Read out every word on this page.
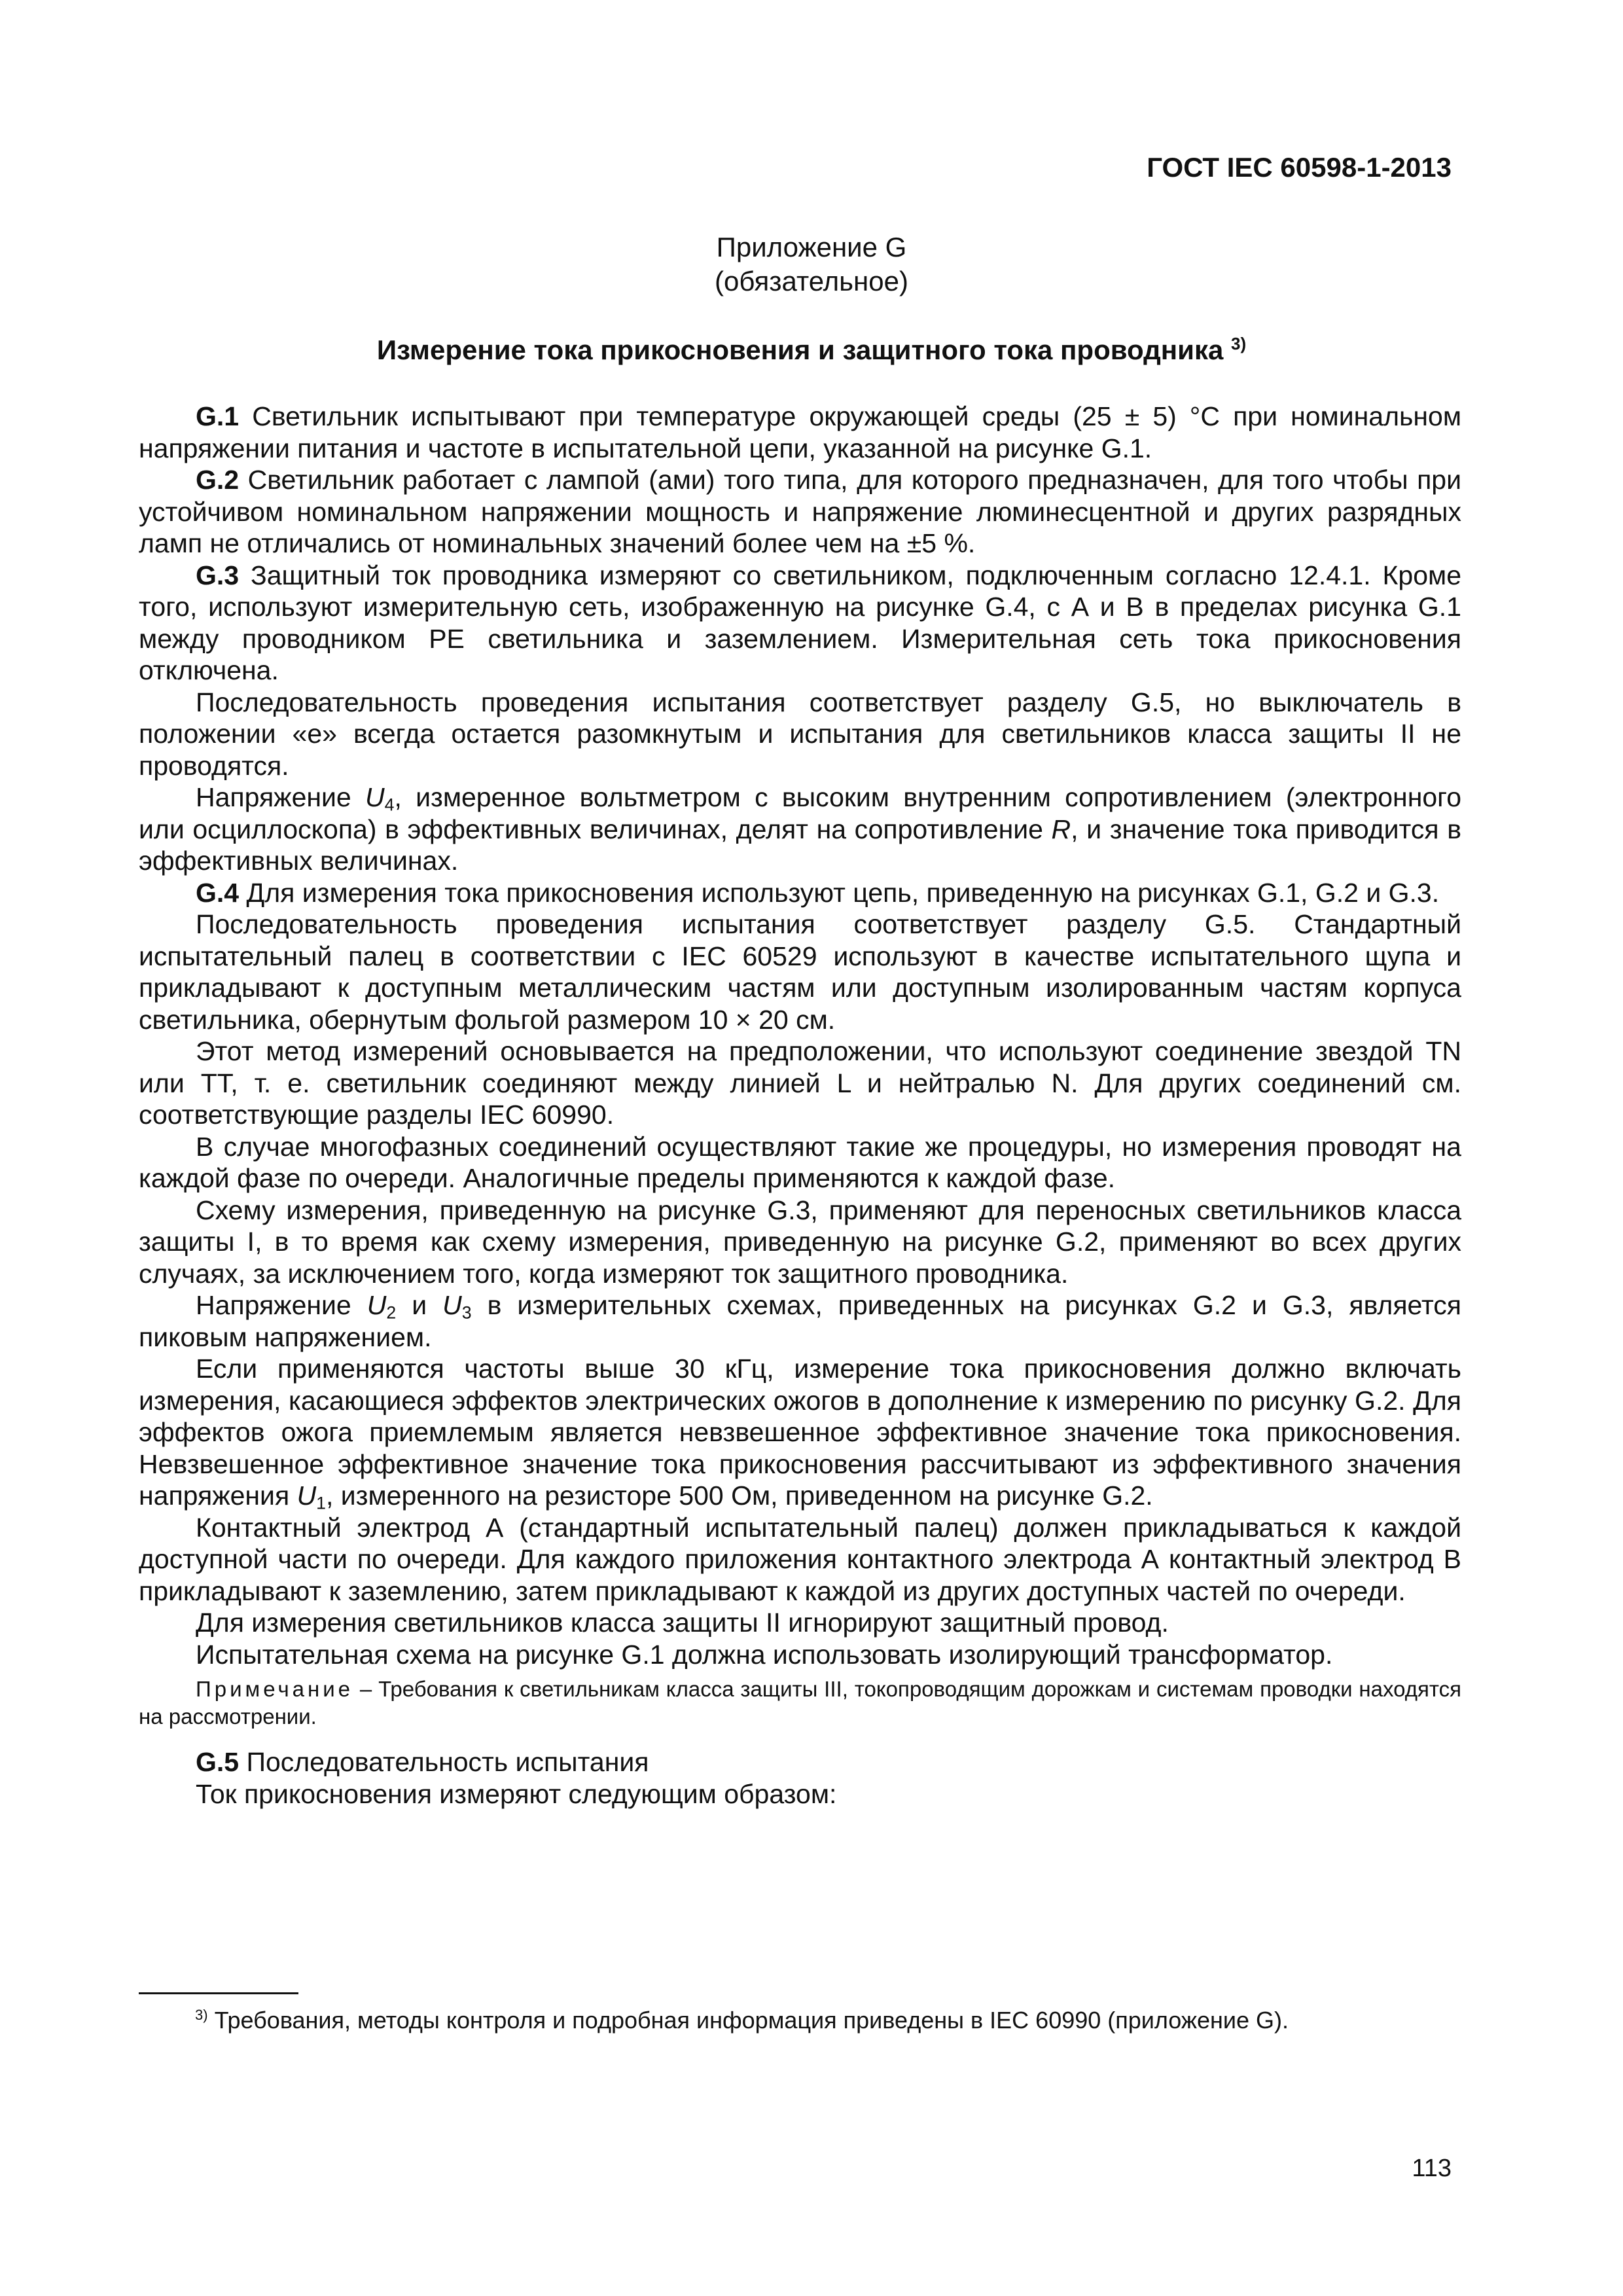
ГОСТ IEC 60598-1-2013
Приложение G
(обязательное)
Измерение тока прикосновения и защитного тока проводника $^{3)}$

G.1 Светильник испытывают при температуре окружающей среды (25 ± 5) °С при номинальном напряжении питания и частоте в испытательной цепи, указанной на рисунке G.1.

G.2 Светильник работает с лампой (ами) того типа, для которого предназначен, для того чтобы при устойчивом номинальном напряжении мощность и напряжение люминесцентной и других разрядных ламп не отличались от номинальных значений более чем на ±5 %.

G.3 Защитный ток проводника измеряют со светильником, подключенным согласно 12.4.1. Кроме того, используют измерительную сеть, изображенную на рисунке G.4, с А и В в пределах рисунка G.1 между проводником PE светильника и заземлением. Измерительная сеть тока прикосновения отключена.

Последовательность проведения испытания соответствует разделу G.5, но выключатель в положении «е» всегда остается разомкнутым и испытания для светильников класса защиты II не проводятся.

Напряжение $U_4$, измеренное вольтметром с высоким внутренним сопротивлением (электронного или осциллоскопа) в эффективных величинах, делят на сопротивление R, и значение тока приводится в эффективных величинах.

G.4 Для измерения тока прикосновения используют цепь, приведенную на рисунках G.1, G.2 и G.3.

Последовательность проведения испытания соответствует разделу G.5. Стандартный испытательный палец в соответствии с IEC 60529 используют в качестве испытательного щупа и прикладывают к доступным металлическим частям или доступным изолированным частям корпуса светильника, обернутым фольгой размером 10 × 20 см.

Этот метод измерений основывается на предположении, что используют соединение звездой TN или TT, т. е. светильник соединяют между линией L и нейтралью N. Для других соединений см. соответствующие разделы IEC 60990.

В случае многофазных соединений осуществляют такие же процедуры, но измерения проводят на каждой фазе по очереди. Аналогичные пределы применяются к каждой фазе.

Схему измерения, приведенную на рисунке G.3, применяют для переносных светильников класса защиты I, в то время как схему измерения, приведенную на рисунке G.2, применяют во всех других случаях, за исключением того, когда измеряют ток защитного проводника.

Напряжение $U_2$ и $U_3$ в измерительных схемах, приведенных на рисунках G.2 и G.3, является пиковым напряжением.

Если применяются частоты выше 30 кГц, измерение тока прикосновения должно включать измерения, касающиеся эффектов электрических ожогов в дополнение к измерению по рисунку G.2. Для эффектов ожога приемлемым является невзвешенное эффективное значение тока прикосновения. Невзвешенное эффективное значение тока прикосновения рассчитывают из эффективного значения напряжения $U_1$, измеренного на резисторе 500 Ом, приведенном на рисунке G.2.

Контактный электрод А (стандартный испытательный палец) должен прикладываться к каждой доступной части по очереди. Для каждого приложения контактного электрода А контактный электрод В прикладывают к заземлению, затем прикладывают к каждой из других доступных частей по очереди.

Для измерения светильников класса защиты II игнорируют защитный провод.

Испытательная схема на рисунке G.1 должна использовать изолирующий трансформатор.

Примечание – Требования к светильникам класса защиты III, токопроводящим дорожкам и системам проводки находятся на рассмотрении.

G.5 Последовательность испытания

Ток прикосновения измеряют следующим образом:

$^{3)}$ Требования, методы контроля и подробная информация приведены в IEC 60990 (приложение G).
113
